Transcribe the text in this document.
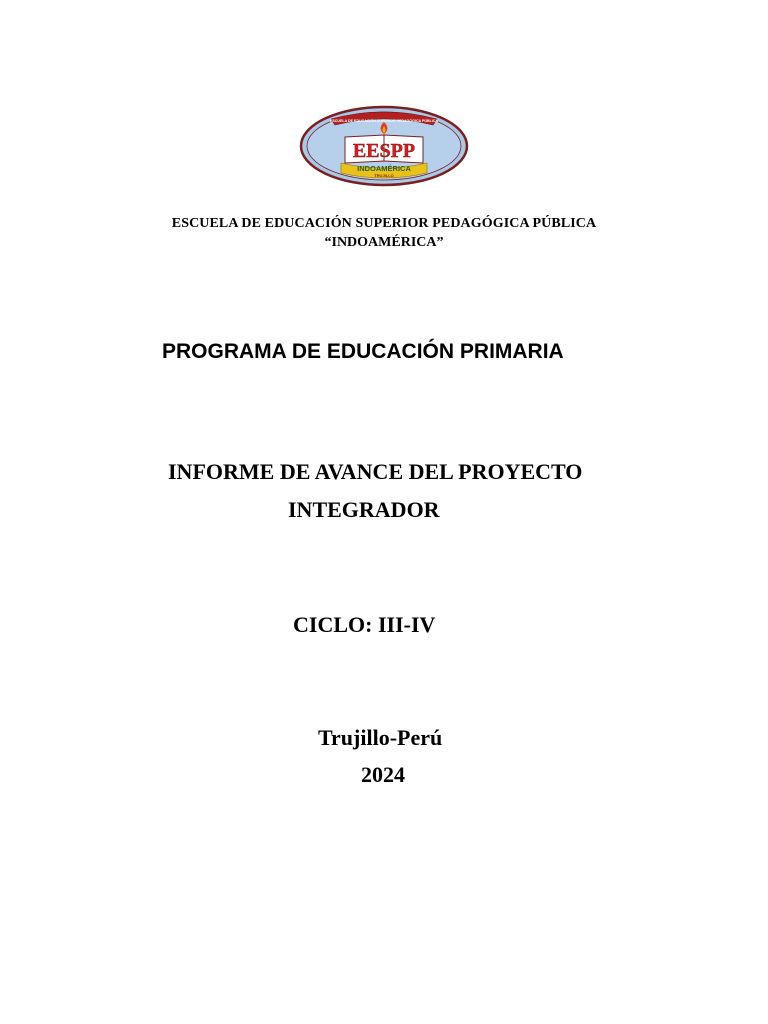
ESCUELA DE EDUCACIÓN SUPERIOR PEDAGÓGICA PÚBLICA
EESPP
INDOAMÉRICA
TRUJILLO
ESCUELA DE EDUCACIÓN SUPERIOR PEDAGÓGICA PÚBLICA
“INDOAMÉRICA”
PROGRAMA DE EDUCACIÓN PRIMARIA
INFORME DE AVANCE DEL PROYECTO
INTEGRADOR
CICLO: III-IV
Trujillo-Perú
2024
